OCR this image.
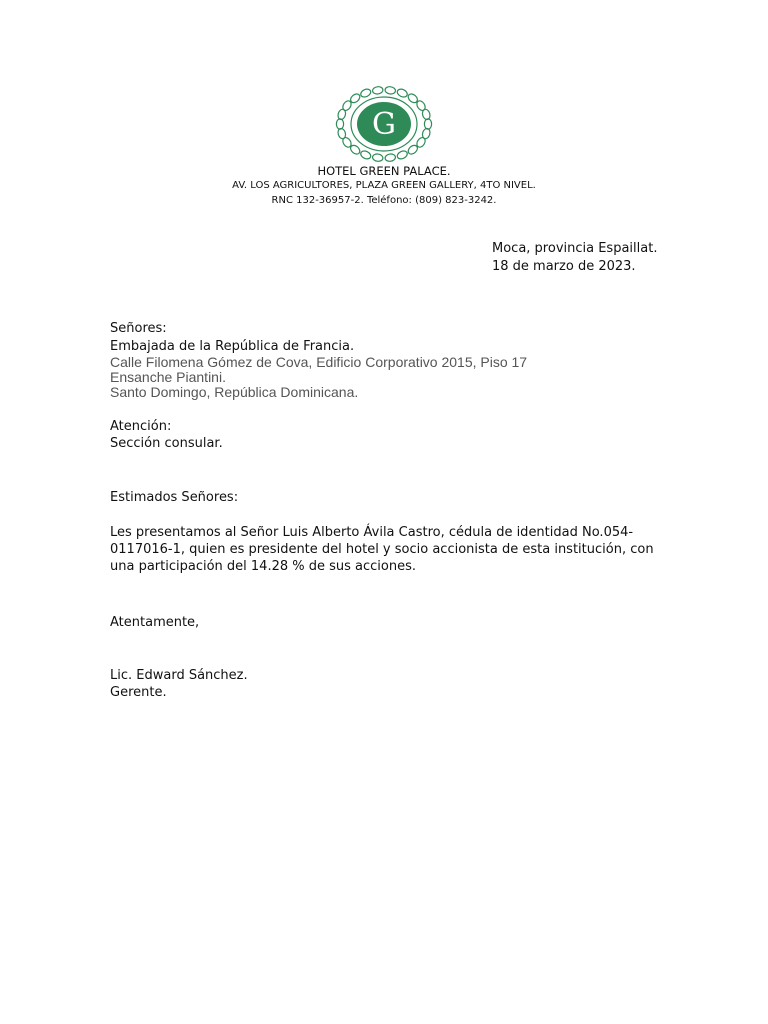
G
HOTEL GREEN PALACE.
AV. LOS AGRICULTORES, PLAZA GREEN GALLERY, 4TO NIVEL.
RNC 132-36957-2. Teléfono: (809) 823-3242.
Moca, provincia Espaillat.
18 de marzo de 2023.
Señores:
Embajada de la República de Francia.
Calle Filomena Gómez de Cova, Edificio Corporativo 2015, Piso 17
Ensanche Piantini.
Santo Domingo, República Dominicana.
Atención:
Sección consular.
Estimados Señores:
Les presentamos al Señor Luis Alberto Ávila Castro, cédula de identidad No.054-0117016-1, quien es presidente del hotel y socio accionista de esta institución, con una participación del 14.28 % de sus acciones.
Atentamente,
Lic. Edward Sánchez.
Gerente.
